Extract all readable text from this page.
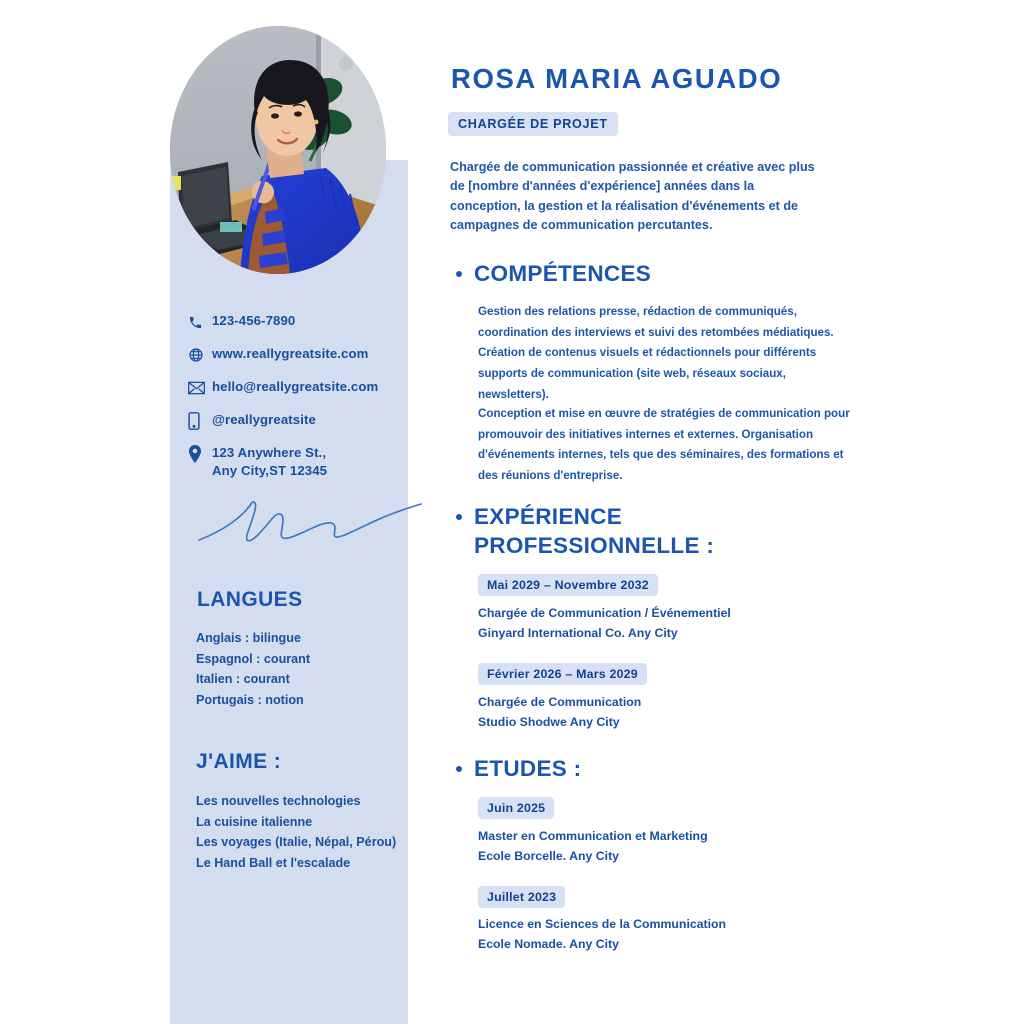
123-456-7890
www.reallygreatsite.com
hello@reallygreatsite.com
@reallygreatsite
123 Anywhere St.,
Any City,ST 12345
LANGUES
Anglais : bilingue
Espagnol : courant
Italien : courant
Portugais : notion
J'AIME :
Les nouvelles technologies
La cuisine italienne
Les voyages (Italie, Népal, Pérou)
Le Hand Ball et l'escalade
ROSA MARIA AGUADO
CHARGÉE DE PROJET
Chargée de communication passionnée et créative avec plus de [nombre d'années d'expérience] années dans la conception, la gestion et la réalisation d'événements et de campagnes de communication percutantes.
COMPÉTENCES
Gestion des relations presse, rédaction de communiqués, coordination des interviews et suivi des retombées médiatiques. Création de contenus visuels et rédactionnels pour différents supports de communication (site web, réseaux sociaux, newsletters).
Conception et mise en œuvre de stratégies de communication pour promouvoir des initiatives internes et externes. Organisation d'événements internes, tels que des séminaires, des formations et des réunions d'entreprise.
EXPÉRIENCE
PROFESSIONNELLE :
Mai 2029 – Novembre 2032
Chargée de Communication / Événementiel
Ginyard International Co. Any City
Février 2026 – Mars 2029
Chargée de Communication
Studio Shodwe Any City
ETUDES :
Juin 2025
Master en Communication et Marketing
Ecole Borcelle. Any City
Juillet 2023
Licence en Sciences de la Communication
Ecole Nomade. Any City
